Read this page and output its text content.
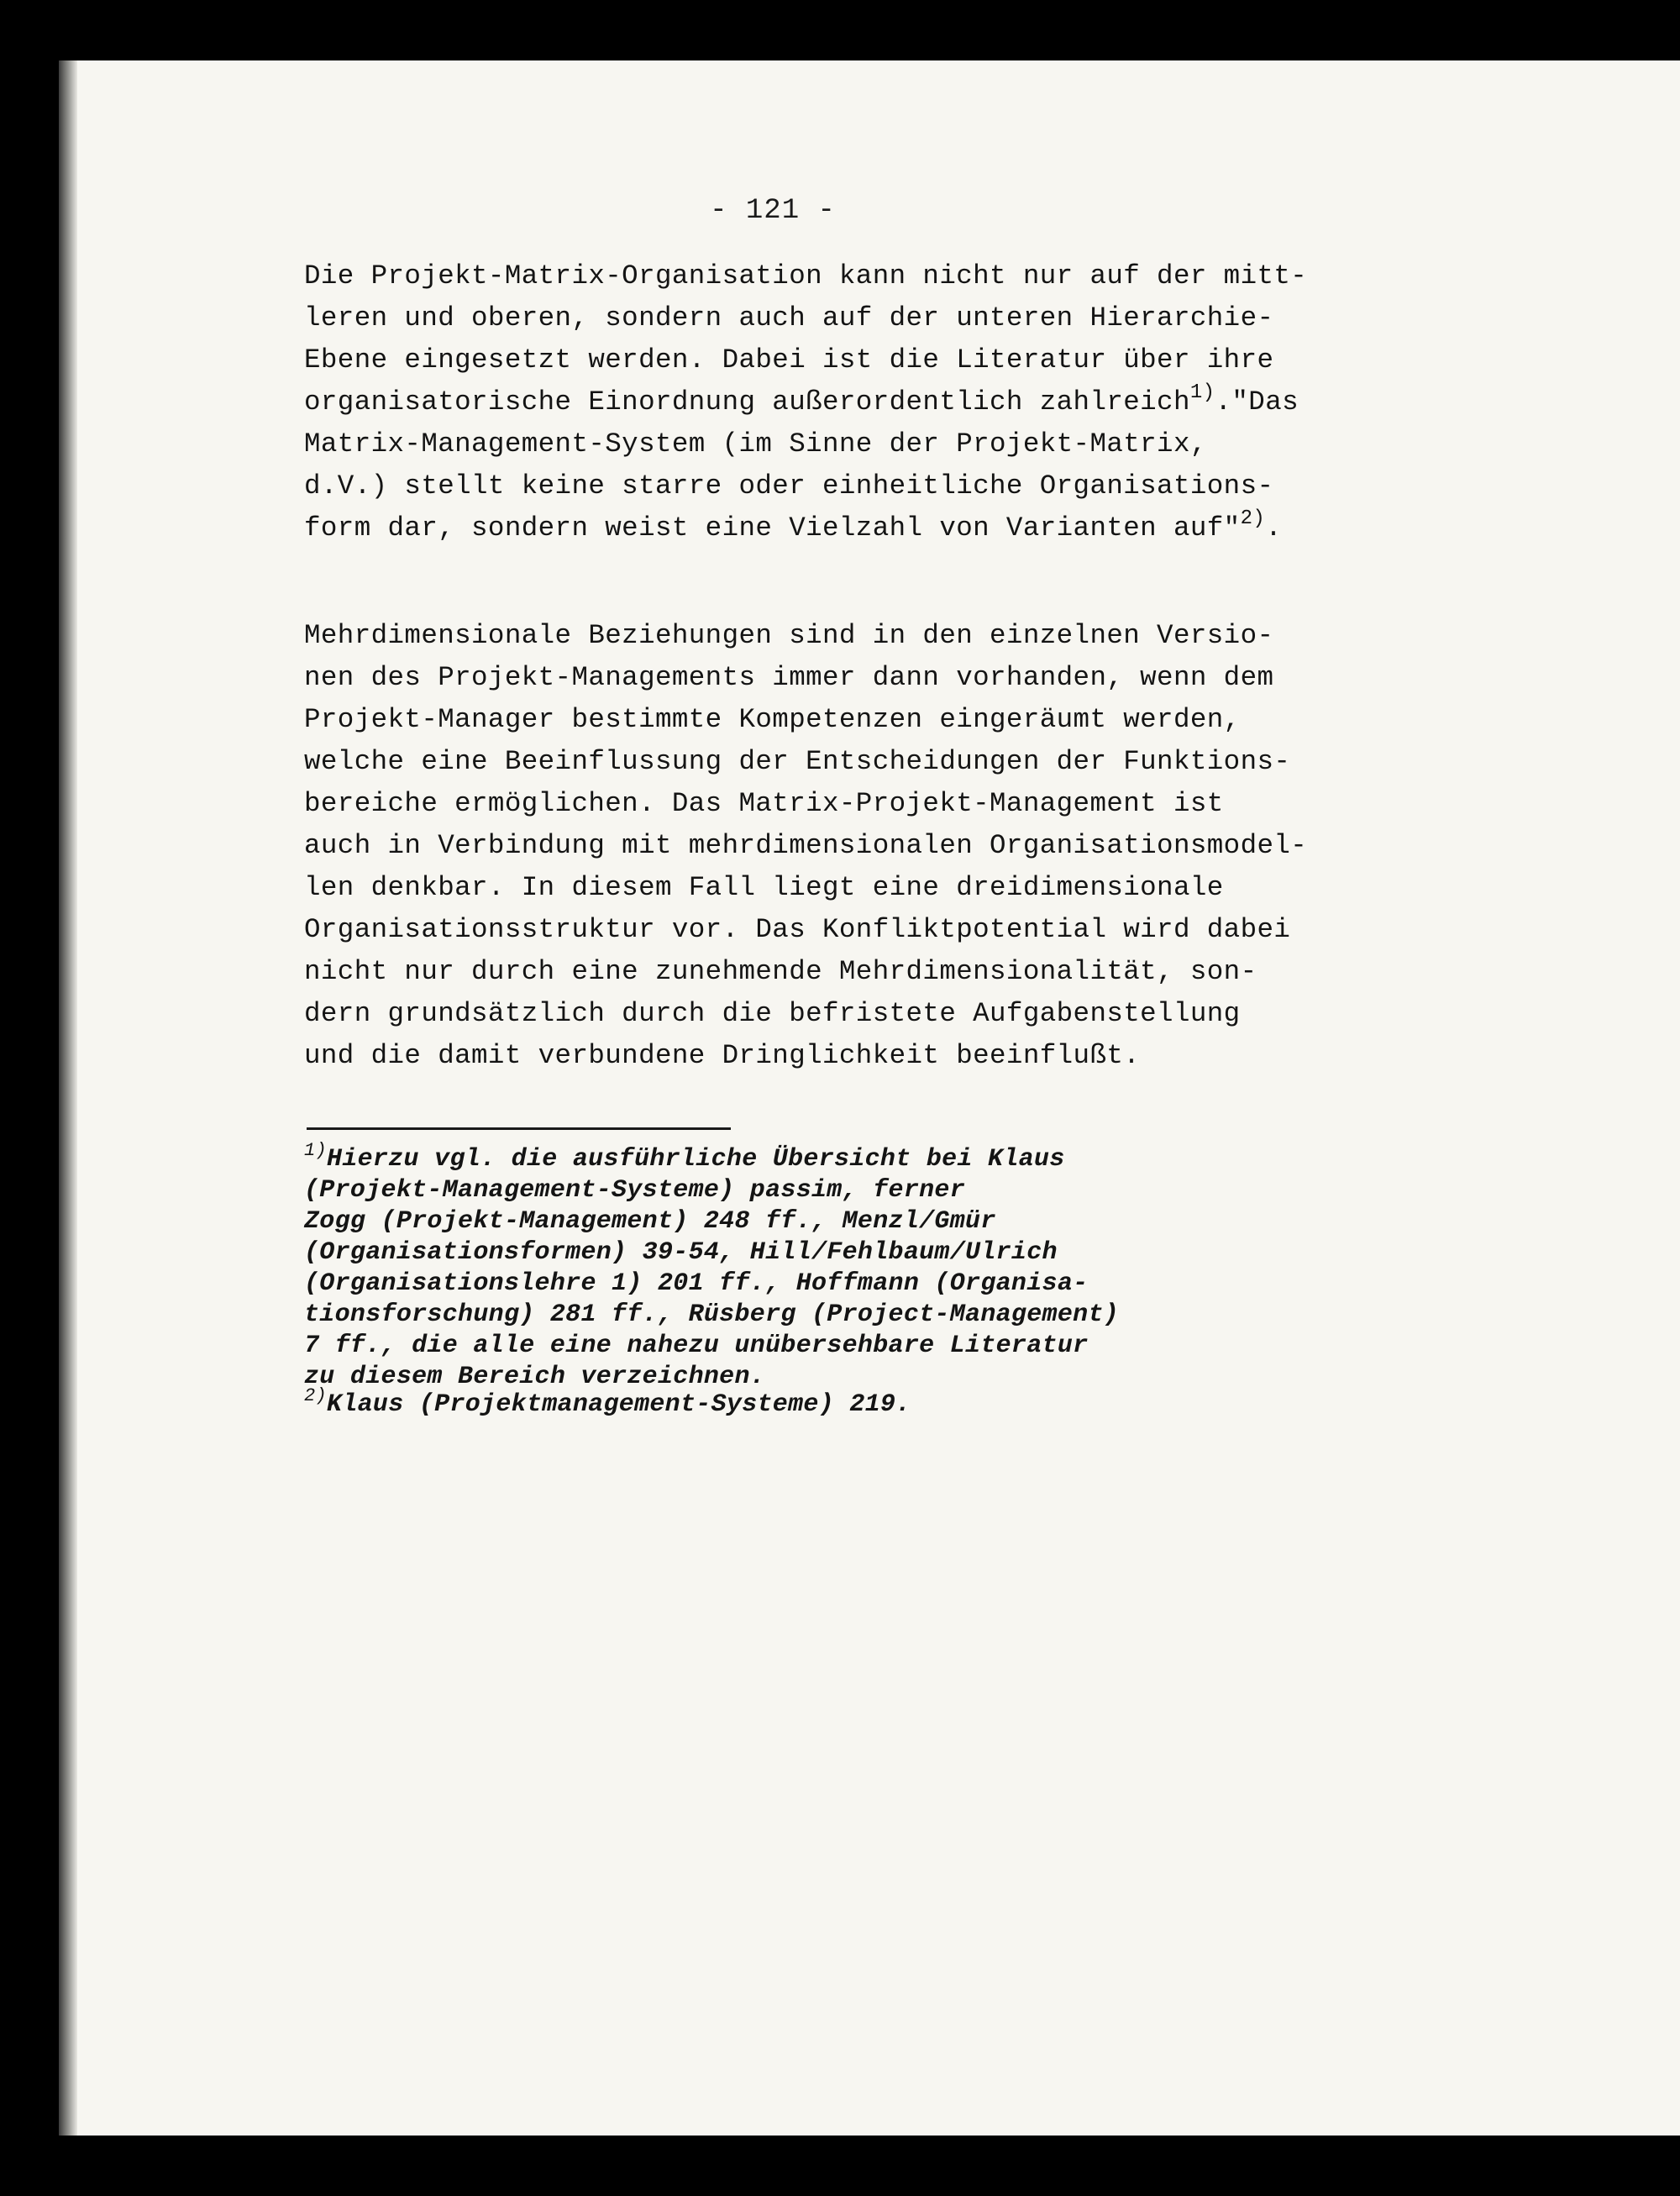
- 121 -
Die Projekt-Matrix-Organisation kann nicht nur auf der mitt-
leren und oberen, sondern auch auf der unteren Hierarchie-
Ebene eingesetzt werden. Dabei ist die Literatur über ihre
organisatorische Einordnung außerordentlich zahlreich$^{1)}$."Das
Matrix-Management-System (im Sinne der Projekt-Matrix,
d.V.) stellt keine starre oder einheitliche Organisations-
form dar, sondern weist eine Vielzahl von Varianten auf"$^{2)}$.
Mehrdimensionale Beziehungen sind in den einzelnen Versio-
nen des Projekt-Managements immer dann vorhanden, wenn dem
Projekt-Manager bestimmte Kompetenzen eingeräumt werden,
welche eine Beeinflussung der Entscheidungen der Funktions-
bereiche ermöglichen. Das Matrix-Projekt-Management ist
auch in Verbindung mit mehrdimensionalen Organisationsmodel-
len denkbar. In diesem Fall liegt eine dreidimensionale
Organisationsstruktur vor. Das Konfliktpotential wird dabei
nicht nur durch eine zunehmende Mehrdimensionalität, son-
dern grundsätzlich durch die befristete Aufgabenstellung
und die damit verbundene Dringlichkeit beeinflußt.
$^{1)}$Hierzu vgl. die ausführliche Übersicht bei Klaus
(Projekt-Management-Systeme) passim, ferner
Zogg (Projekt-Management) 248 ff., Menzl/Gmür
(Organisationsformen) 39-54, Hill/Fehlbaum/Ulrich
(Organisationslehre 1) 201 ff., Hoffmann (Organisa-
tionsforschung) 281 ff., Rüsberg (Project-Management)
7 ff., die alle eine nahezu unübersehbare Literatur
zu diesem Bereich verzeichnen.
$^{2)}$Klaus (Projektmanagement-Systeme) 219.
